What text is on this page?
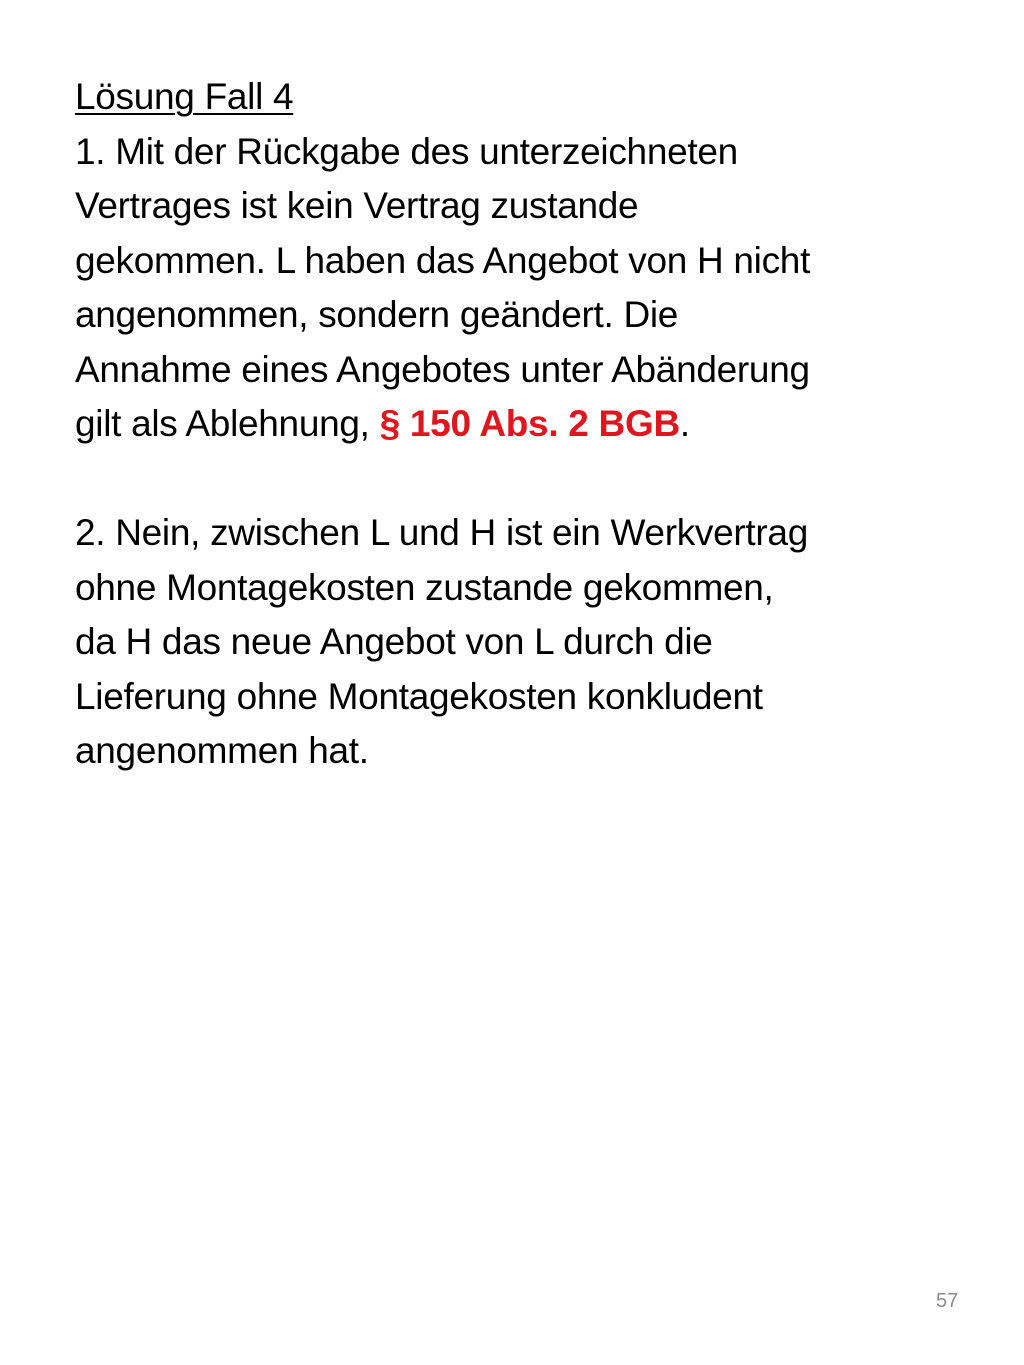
Lösung Fall 4
1. Mit der Rückgabe des unterzeichneten
Vertrages ist kein Vertrag zustande
gekommen. L haben das Angebot von H nicht
angenommen, sondern geändert. Die
Annahme eines Angebotes unter Abänderung
gilt als Ablehnung, § 150 Abs. 2 BGB.
2. Nein, zwischen L und H ist ein Werkvertrag
ohne Montagekosten zustande gekommen,
da H das neue Angebot von L durch die
Lieferung ohne Montagekosten konkludent
angenommen hat.
57
